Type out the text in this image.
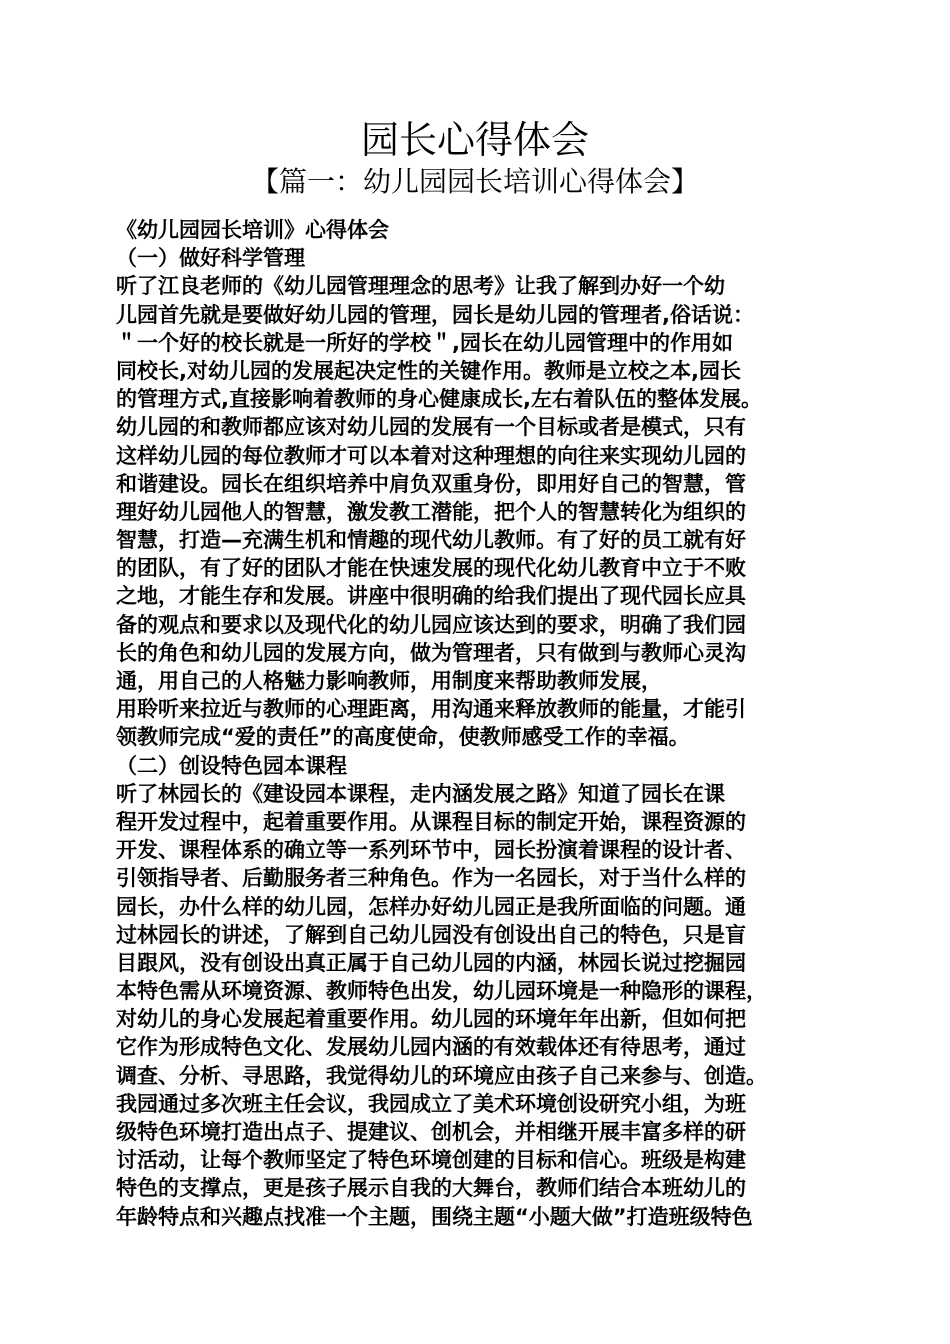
园长心得体会
【篇一：幼儿园园长培训心得体会】
《幼儿园园长培训》心得体会
（一）做好科学管理
听了江良老师的《幼儿园管理理念的思考》让我了解到办好一个幼
儿园首先就是要做好幼儿园的管理，园长是幼儿园的管理者,俗话说：
＂一个好的校长就是一所好的学校＂,园长在幼儿园管理中的作用如
同校长,对幼儿园的发展起决定性的关键作用。教师是立校之本,园长
的管理方式,直接影响着教师的身心健康成长,左右着队伍的整体发展。
幼儿园的和教师都应该对幼儿园的发展有一个目标或者是模式，只有
这样幼儿园的每位教师才可以本着对这种理想的向往来实现幼儿园的
和谐建设。园长在组织培养中肩负双重身份，即用好自己的智慧，管
理好幼儿园他人的智慧，激发教工潜能，把个人的智慧转化为组织的
智慧，打造—充满生机和情趣的现代幼儿教师。有了好的员工就有好
的团队，有了好的团队才能在快速发展的现代化幼儿教育中立于不败
之地，才能生存和发展。讲座中很明确的给我们提出了现代园长应具
备的观点和要求以及现代化的幼儿园应该达到的要求，明确了我们园
长的角色和幼儿园的发展方向，做为管理者，只有做到与教师心灵沟
通，用自己的人格魅力影响教师，用制度来帮助教师发展，
用聆听来拉近与教师的心理距离，用沟通来释放教师的能量，才能引
领教师完成“爱的责任”的高度使命，使教师感受工作的幸福。
（二）创设特色园本课程
听了林园长的《建设园本课程，走内涵发展之路》知道了园长在课
程开发过程中，起着重要作用。从课程目标的制定开始，课程资源的
开发、课程体系的确立等一系列环节中，园长扮演着课程的设计者、
引领指导者、后勤服务者三种角色。作为一名园长，对于当什么样的
园长，办什么样的幼儿园，怎样办好幼儿园正是我所面临的问题。通
过林园长的讲述，了解到自己幼儿园没有创设出自己的特色，只是盲
目跟风，没有创设出真正属于自己幼儿园的内涵，林园长说过挖掘园
本特色需从环境资源、教师特色出发，幼儿园环境是一种隐形的课程，
对幼儿的身心发展起着重要作用。幼儿园的环境年年出新，但如何把
它作为形成特色文化、发展幼儿园内涵的有效载体还有待思考，通过
调查、分析、寻思路，我觉得幼儿的环境应由孩子自己来参与、创造。
我园通过多次班主任会议，我园成立了美术环境创设研究小组，为班
级特色环境打造出点子、提建议、创机会，并相继开展丰富多样的研
讨活动，让每个教师坚定了特色环境创建的目标和信心。班级是构建
特色的支撑点，更是孩子展示自我的大舞台，教师们结合本班幼儿的
年龄特点和兴趣点找准一个主题，围绕主题“小题大做”打造班级特色
